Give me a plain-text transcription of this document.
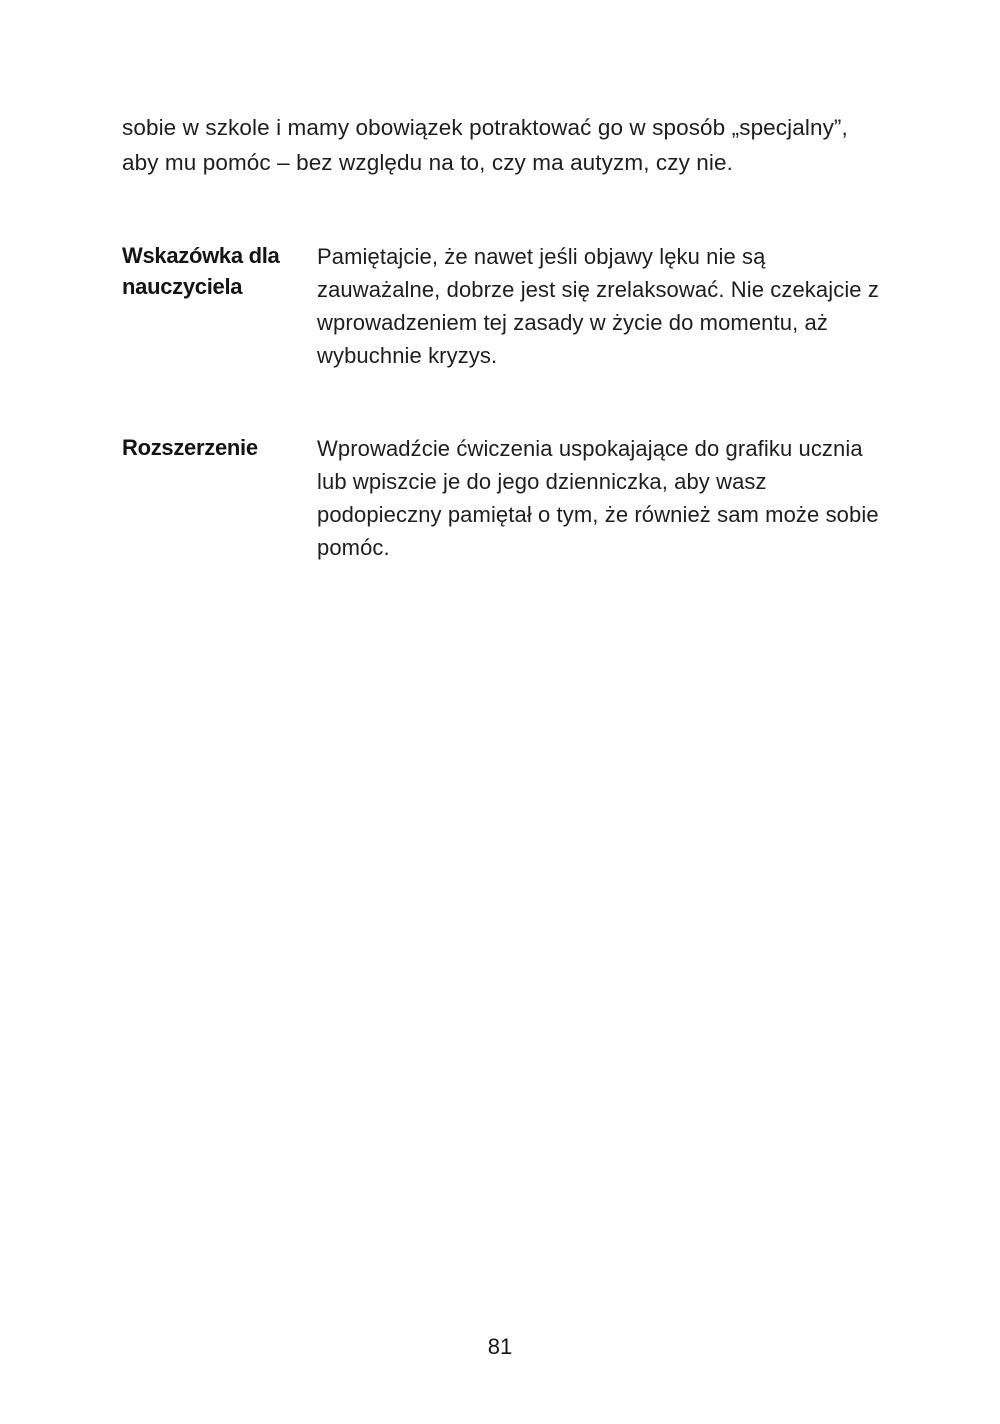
sobie w szkole i mamy obowiązek potraktować go w sposób „specjalny”, aby mu pomóc – bez względu na to, czy ma autyzm, czy nie.

Wskazówka dla nauczyciela

Pamiętajcie, że nawet jeśli objawy lęku nie są zauważalne, dobrze jest się zrelaksować. Nie czekajcie z wprowadzeniem tej zasady w życie do momentu, aż wybuchnie kryzys.

Rozszerzenie	Wprowadźcie ćwiczenia uspokajające do grafiku ucznia lub wpiszcie je do jego dzienniczka, aby wasz podopieczny pamiętał o tym, że również sam może sobie pomóc.

81
